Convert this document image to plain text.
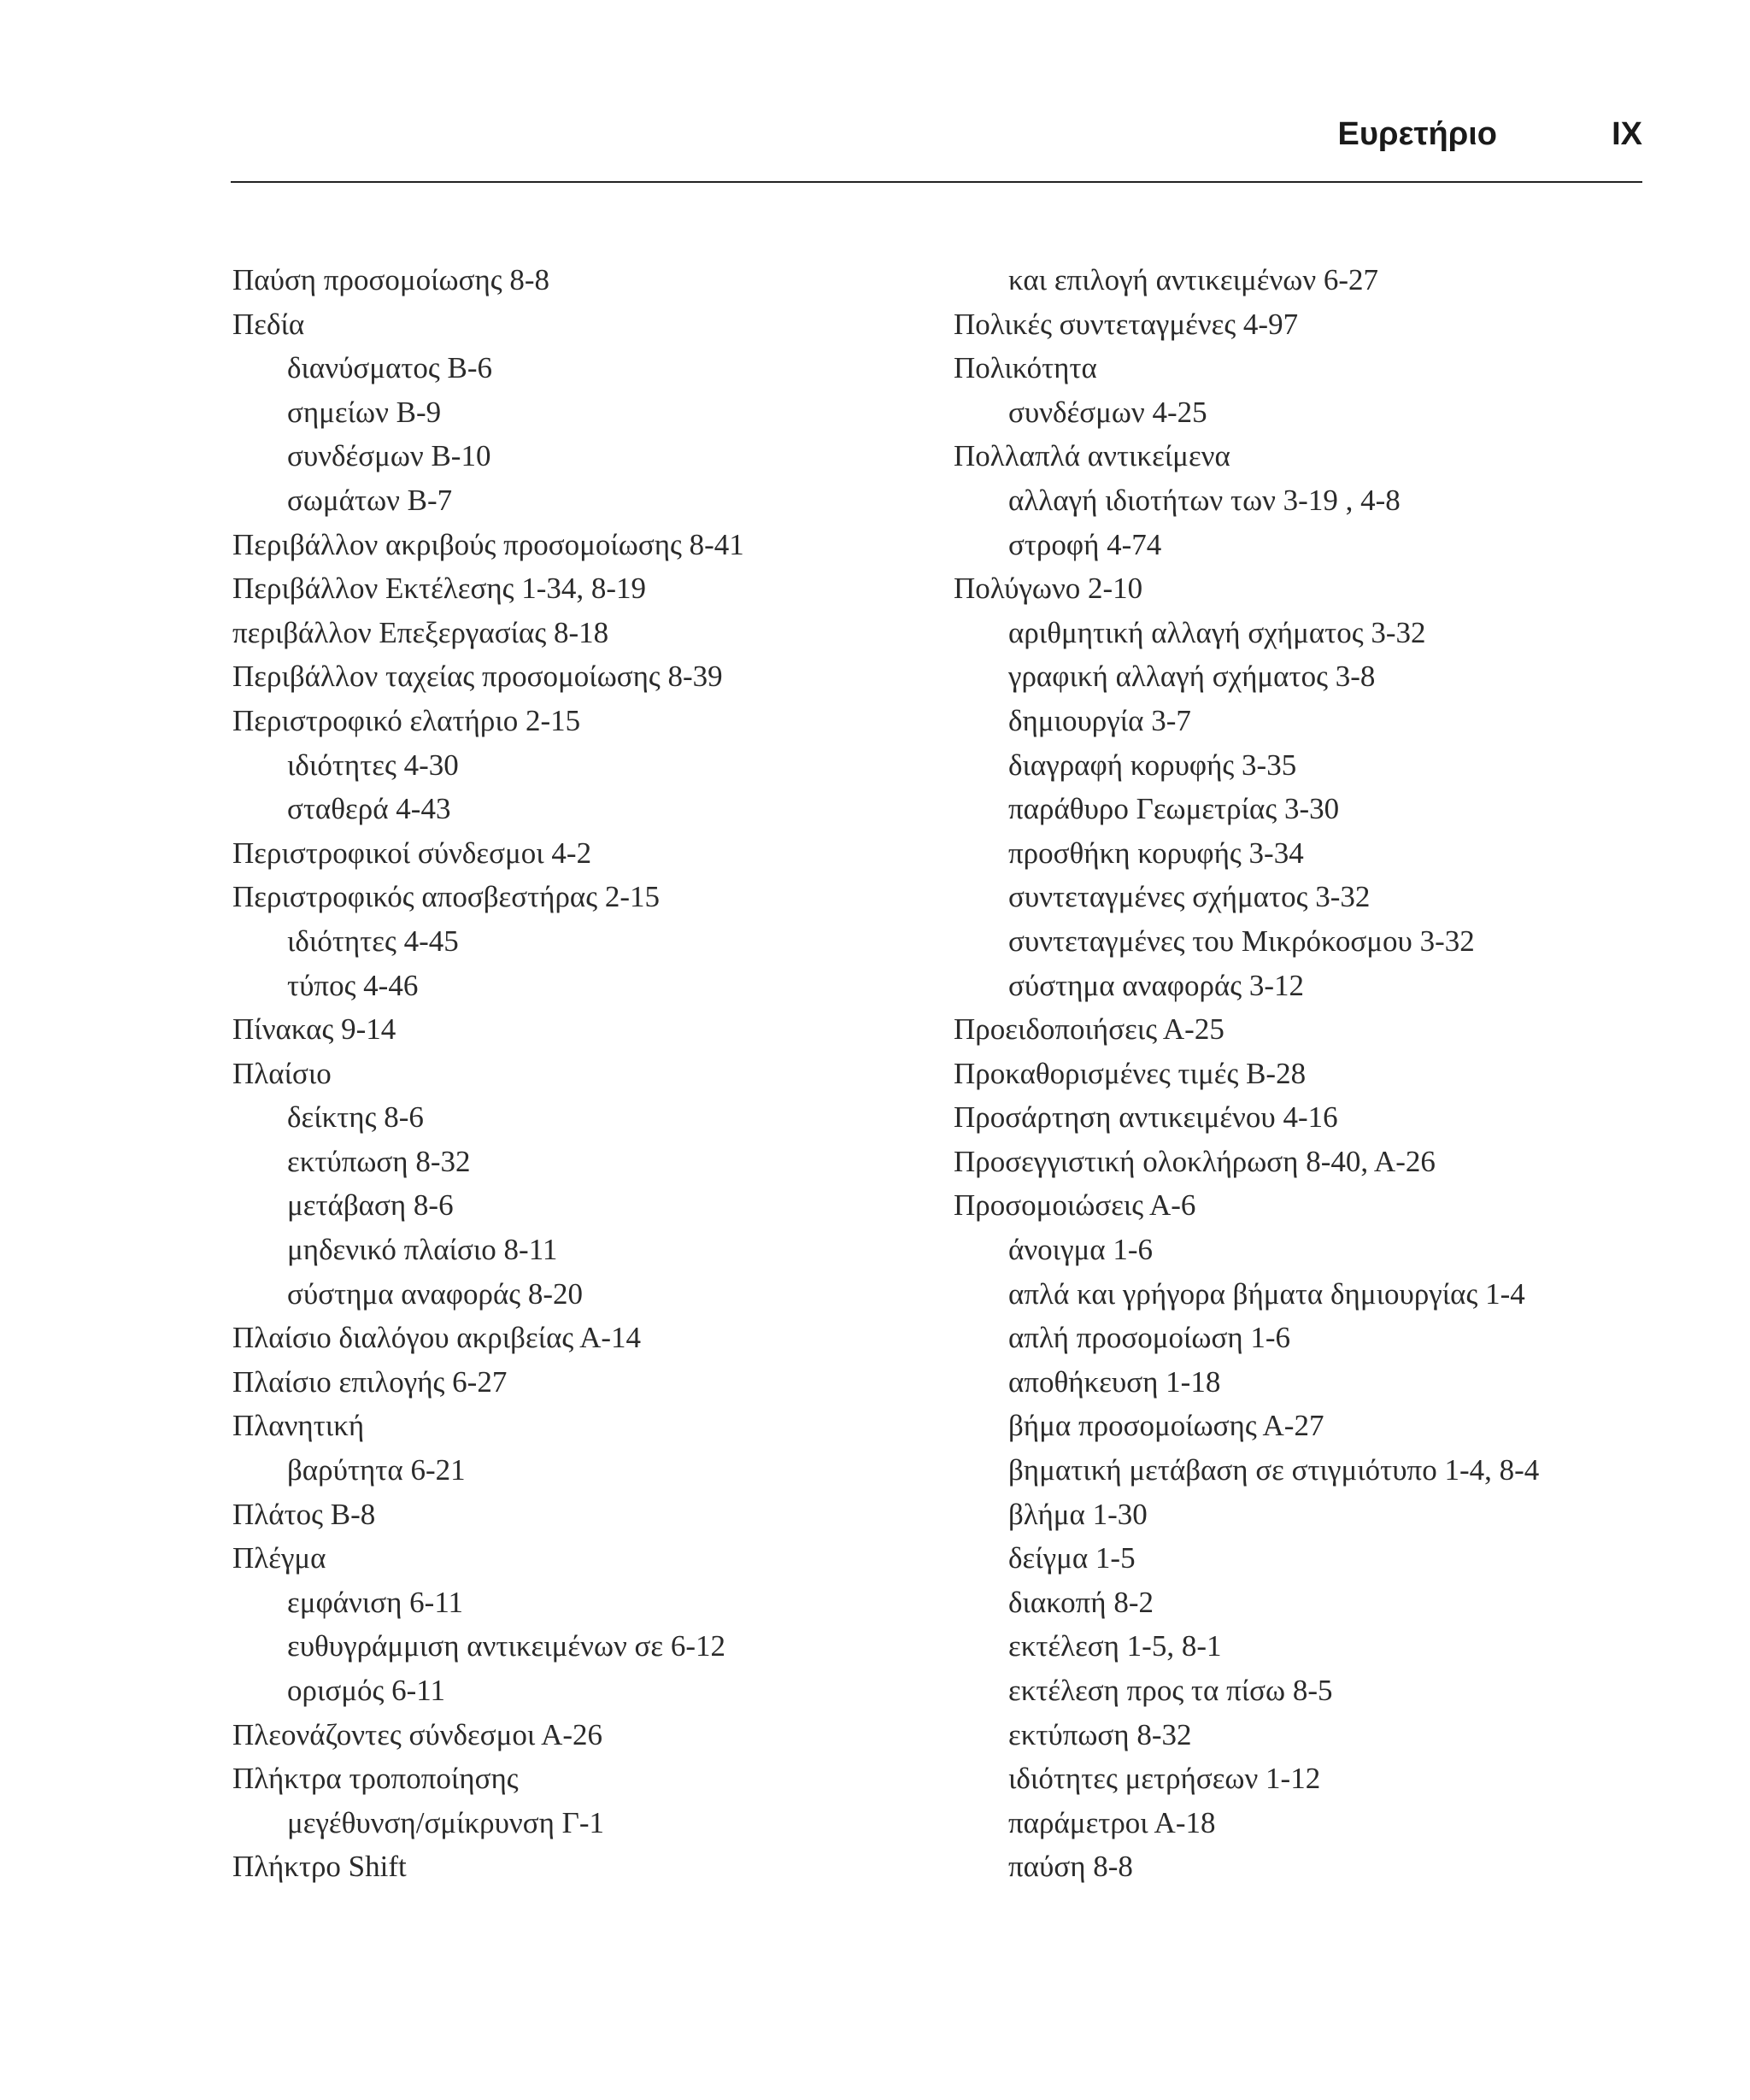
Ευρετήριο	IX
Παύση προσομοίωσης 8-8
Πεδία
διανύσματος Β-6
σημείων Β-9
συνδέσμων Β-10
σωμάτων Β-7
Περιβάλλον ακριβούς προσομοίωσης 8-41
Περιβάλλον Εκτέλεσης 1-34, 8-19
περιβάλλον Επεξεργασίας 8-18
Περιβάλλον ταχείας προσομοίωσης 8-39
Περιστροφικό ελατήριο 2-15
ιδιότητες 4-30
σταθερά 4-43
Περιστροφικοί σύνδεσμοι 4-2
Περιστροφικός αποσβεστήρας 2-15
ιδιότητες 4-45
τύπος 4-46
Πίνακας 9-14
Πλαίσιο
δείκτης 8-6
εκτύπωση 8-32
μετάβαση 8-6
μηδενικό πλαίσιο 8-11
σύστημα αναφοράς 8-20
Πλαίσιο διαλόγου ακριβείας Α-14
Πλαίσιο επιλογής 6-27
Πλανητική
βαρύτητα 6-21
Πλάτος Β-8
Πλέγμα
εμφάνιση 6-11
ευθυγράμμιση αντικειμένων σε 6-12
ορισμός 6-11
Πλεονάζοντες σύνδεσμοι Α-26
Πλήκτρα τροποποίησης
μεγέθυνση/σμίκρυνση Γ-1
Πλήκτρο Shift
και επιλογή αντικειμένων 6-27
Πολικές συντεταγμένες 4-97
Πολικότητα
συνδέσμων 4-25
Πολλαπλά αντικείμενα
αλλαγή ιδιοτήτων των 3-19 , 4-8
στροφή 4-74
Πολύγωνο 2-10
αριθμητική αλλαγή σχήματος 3-32
γραφική αλλαγή σχήματος 3-8
δημιουργία 3-7
διαγραφή κορυφής 3-35
παράθυρο Γεωμετρίας 3-30
προσθήκη κορυφής 3-34
συντεταγμένες σχήματος 3-32
συντεταγμένες του Μικρόκοσμου 3-32
σύστημα αναφοράς 3-12
Προειδοποιήσεις Α-25
Προκαθορισμένες τιμές Β-28
Προσάρτηση αντικειμένου 4-16
Προσεγγιστική ολοκλήρωση 8-40, Α-26
Προσομοιώσεις Α-6
άνοιγμα 1-6
απλά και γρήγορα βήματα δημιουργίας 1-4
απλή προσομοίωση 1-6
αποθήκευση 1-18
βήμα προσομοίωσης Α-27
βηματική μετάβαση σε στιγμιότυπο 1-4, 8-4
βλήμα 1-30
δείγμα 1-5
διακοπή 8-2
εκτέλεση 1-5, 8-1
εκτέλεση προς τα πίσω 8-5
εκτύπωση 8-32
ιδιότητες μετρήσεων 1-12
παράμετροι Α-18
παύση 8-8
